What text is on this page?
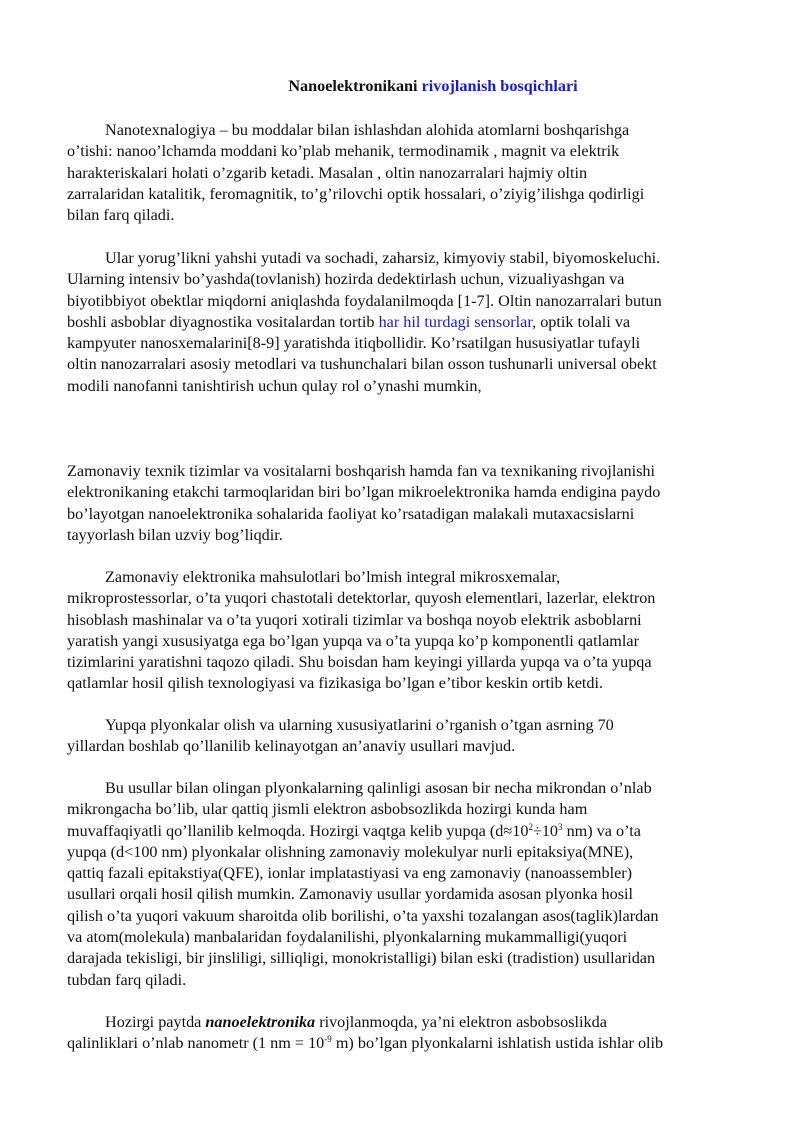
Nanoelektronikani rivojlanish bosqichlari
Nanotexnalogiya – bu moddalar bilan ishlashdan alohida atomlarni boshqarishga
o’tishi: nanoo’lchamda moddani ko’plab mehanik, termodinamik , magnit va elektrik
harakteriskalari holati o’zgarib ketadi. Masalan , oltin nanozarralari hajmiy oltin
zarralaridan katalitik, feromagnitik, to’g’rilovchi optik hossalari, o’ziyig’ilishga qodirligi
bilan farq qiladi.
Ular yorug’likni yahshi yutadi va sochadi, zaharsiz, kimyoviy stabil, biyomoskeluchi.
Ularning intensiv bo’yashda(tovlanish) hozirda dedektirlash uchun, vizualiyashgan va
biyotibbiyot obektlar miqdorni aniqlashda foydalanilmoqda [1-7]. Oltin nanozarralari butun
boshli asboblar diyagnostika vositalardan tortib har hil turdagi sensorlar, optik tolali va
kampyuter nanosxemalarini[8-9] yaratishda itiqbollidir. Ko’rsatilgan hususiyatlar tufayli
oltin nanozarralari asosiy metodlari va tushunchalari bilan osson tushunarli universal obekt
modili nanofanni tanishtirish uchun qulay rol o’ynashi mumkin,
Zamonaviy texnik tizimlar va vositalarni boshqarish hamda fan va texnikaning rivojlanishi
elektronikaning etakchi tarmoqlaridan biri bo’lgan mikroelektronika hamda endigina paydo
bo’layotgan nanoelektronika sohalarida faoliyat ko’rsatadigan malakali mutaxacsislarni
tayyorlash bilan uzviy bog’liqdir.
Zamonaviy elektronika mahsulotlari bo’lmish integral mikrosxemalar,
mikroprostessorlar, o’ta yuqori chastotali detektorlar, quyosh elementlari, lazerlar, elektron
hisoblash mashinalar va o’ta yuqori xotirali tizimlar va boshqa noyob elektrik asboblarni
yaratish yangi xususiyatga ega bo’lgan yupqa va o’ta yupqa ko’p komponentli qatlamlar
tizimlarini yaratishni taqozo qiladi. Shu boisdan ham keyingi yillarda yupqa va o’ta yupqa
qatlamlar hosil qilish texnologiyasi va fizikasiga bo’lgan e’tibor keskin ortib ketdi.
Yupqa plyonkalar olish va ularning xususiyatlarini o’rganish o’tgan asrning 70
yillardan boshlab qo’llanilib kelinayotgan an’anaviy usullari mavjud.
Bu usullar bilan olingan plyonkalarning qalinligi asosan bir necha mikrondan o’nlab
mikrongacha bo’lib, ular qattiq jismli elektron asbobsozlikda hozirgi kunda ham
muvaffaqiyatli qo’llanilib kelmoqda. Hozirgi vaqtga kelib yupqa ($d\approx 10^2\div 10^3$ nm) va o’ta
yupqa (d<100 nm) plyonkalar olishning zamonaviy molekulyar nurli epitaksiya(MNE),
qattiq fazali epitakstiya(QFE), ionlar implatastiyasi va eng zamonaviy (nanoassembler)
usullari orqali hosil qilish mumkin. Zamonaviy usullar yordamida asosan plyonka hosil
qilish o’ta yuqori vakuum sharoitda olib borilishi, o’ta yaxshi tozalangan asos(taglik)lardan
va atom(molekula) manbalaridan foydalanilishi, plyonkalarning mukammalligi(yuqori
darajada tekisligi, bir jinsliligi, silliqligi, monokristalligi) bilan eski (tradistion) usullaridan
tubdan farq qiladi.
Hozirgi paytda nanoelektronika rivojlanmoqda, ya’ni elektron asbobsoslikda
qalinliklari o’nlab nanometr (1 nm = $10^{-9}$ m) bo’lgan plyonkalarni ishlatish ustida ishlar olib
